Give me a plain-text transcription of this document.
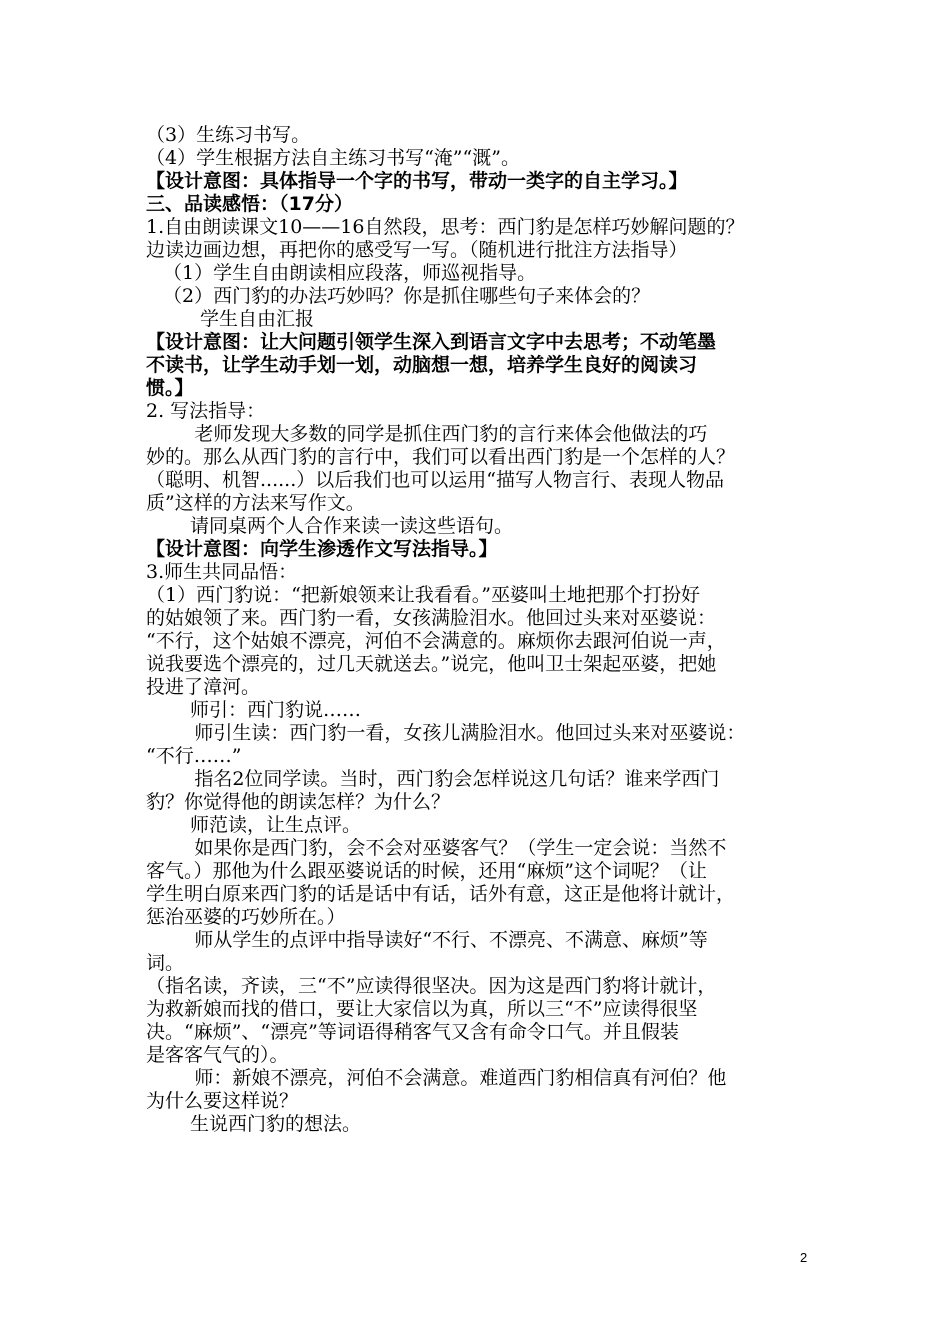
（3）生练习书写。
（4）学生根据方法自主练习书写“淹”“溉”。
【设计意图：具体指导一个字的书写，带动一类字的自主学习。】
三、品读感悟：（17分）
1.自由朗读课文10——16自然段，思考：西门豹是怎样巧妙解问题的？
边读边画边想，再把你的感受写一写。（随机进行批注方法指导）
（1）学生自由朗读相应段落，师巡视指导。
（2）西门豹的办法巧妙吗？你是抓住哪些句子来体会的？
学生自由汇报
【设计意图：让大问题引领学生深入到语言文字中去思考；不动笔墨
不读书，让学生动手划一划，动脑想一想，培养学生良好的阅读习
惯。】
2. 写法指导：
老师发现大多数的同学是抓住西门豹的言行来体会他做法的巧
妙的。那么从西门豹的言行中，我们可以看出西门豹是一个怎样的人？
（聪明、机智......）以后我们也可以运用“描写人物言行、表现人物品
质”这样的方法来写作文。
请同桌两个人合作来读一读这些语句。
【设计意图：向学生渗透作文写法指导。】
3.师生共同品悟：
（1）西门豹说：“把新娘领来让我看看。”巫婆叫土地把那个打扮好
的姑娘领了来。西门豹一看，女孩满脸泪水。他回过头来对巫婆说：
“不行，这个姑娘不漂亮，河伯不会满意的。麻烦你去跟河伯说一声，
说我要选个漂亮的，过几天就送去。”说完，他叫卫士架起巫婆，把她
投进了漳河。
师引：西门豹说……
师引生读：西门豹一看，女孩儿满脸泪水。他回过头来对巫婆说：
“不行……”
指名2位同学读。当时，西门豹会怎样说这几句话？谁来学西门
豹？你觉得他的朗读怎样？为什么？
师范读，让生点评。
如果你是西门豹，会不会对巫婆客气？（学生一定会说：当然不
客气。）那他为什么跟巫婆说话的时候，还用“麻烦”这个词呢？（让
学生明白原来西门豹的话是话中有话，话外有意，这正是他将计就计，
惩治巫婆的巧妙所在。）
师从学生的点评中指导读好“不行、不漂亮、不满意、麻烦”等
词。
（指名读，齐读，三“不”应读得很坚决。因为这是西门豹将计就计，
为救新娘而找的借口，要让大家信以为真，所以三“不”应读得很坚
决。“麻烦”、“漂亮”等词语得稍客气又含有命令口气。并且假装
是客客气气的）。
师：新娘不漂亮，河伯不会满意。难道西门豹相信真有河伯？他
为什么要这样说？
生说西门豹的想法。
2
